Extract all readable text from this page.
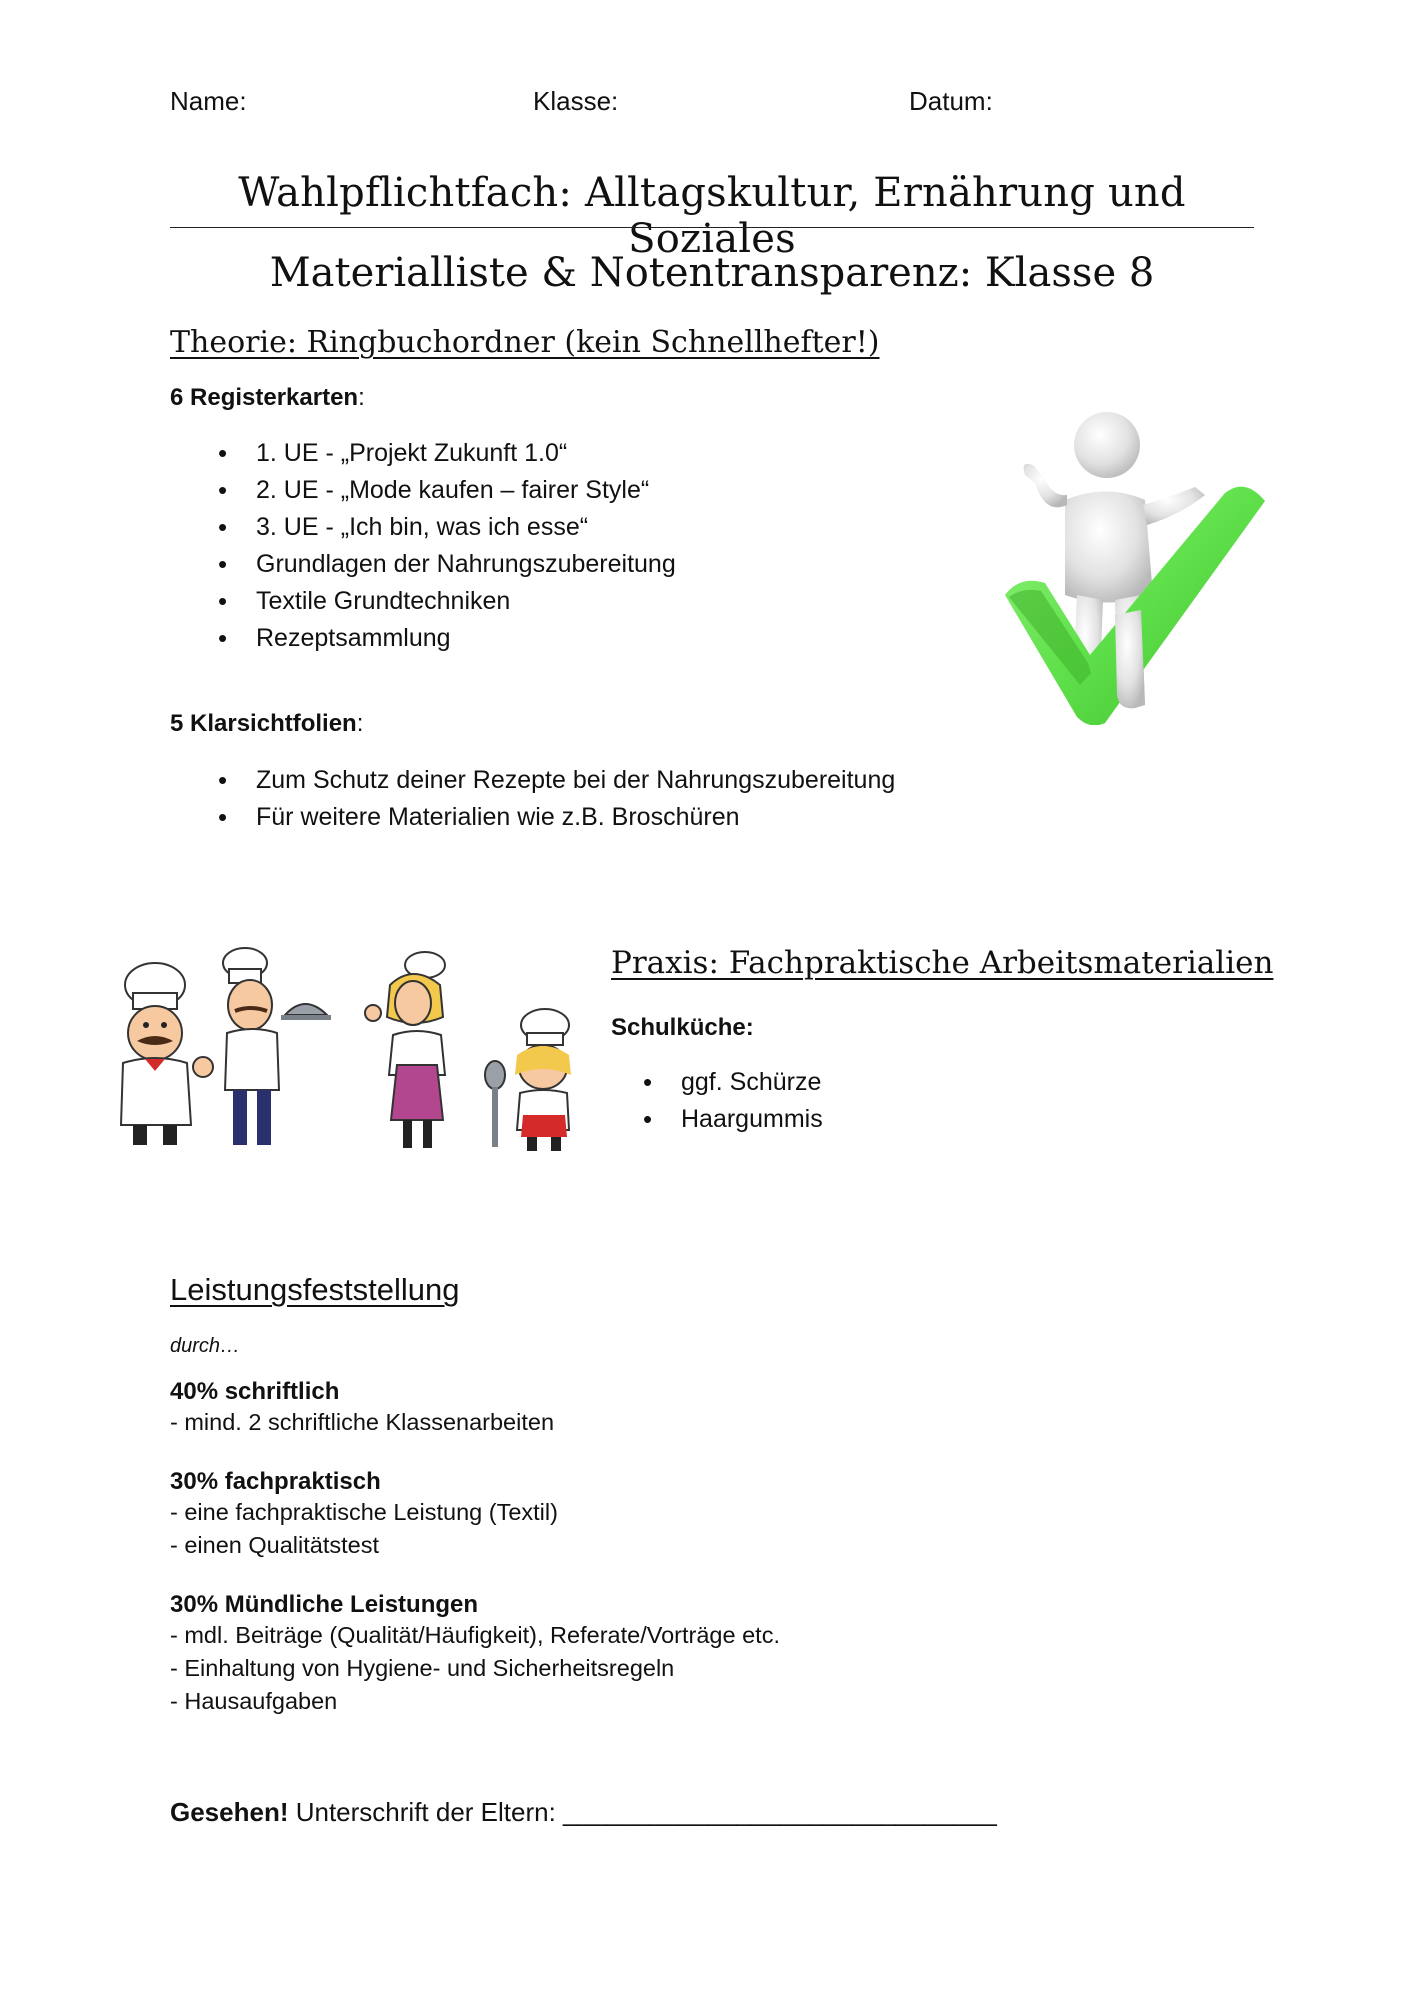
Name:	Klasse:	Datum:
Wahlpflichtfach: Alltagskultur, Ernährung und Soziales
Materialliste & Notentransparenz: Klasse 8
Theorie: Ringbuchordner (kein Schnellhefter!)
6 Registerkarten:
• 1. UE - „Projekt Zukunft 1.0“
• 2. UE - „Mode kaufen – fairer Style“
• 3. UE - „Ich bin, was ich esse“
• Grundlagen der Nahrungszubereitung
• Textile Grundtechniken
• Rezeptsammlung
5 Klarsichtfolien:
• Zum Schutz deiner Rezepte bei der Nahrungszubereitung
• Für weitere Materialien wie z.B. Broschüren
Praxis: Fachpraktische Arbeitsmaterialien
Schulküche:
• ggf. Schürze
• Haargummis
Leistungsfeststellung
durch…
40% schriftlich
- mind. 2 schriftliche Klassenarbeiten
30% fachpraktisch
- eine fachpraktische Leistung (Textil)
- einen Qualitätstest
30% Mündliche Leistungen
- mdl. Beiträge (Qualität/Häufigkeit), Referate/Vorträge etc.
- Einhaltung von Hygiene- und Sicherheitsregeln
- Hausaufgaben
Gesehen! Unterschrift der Eltern: ______________________________
